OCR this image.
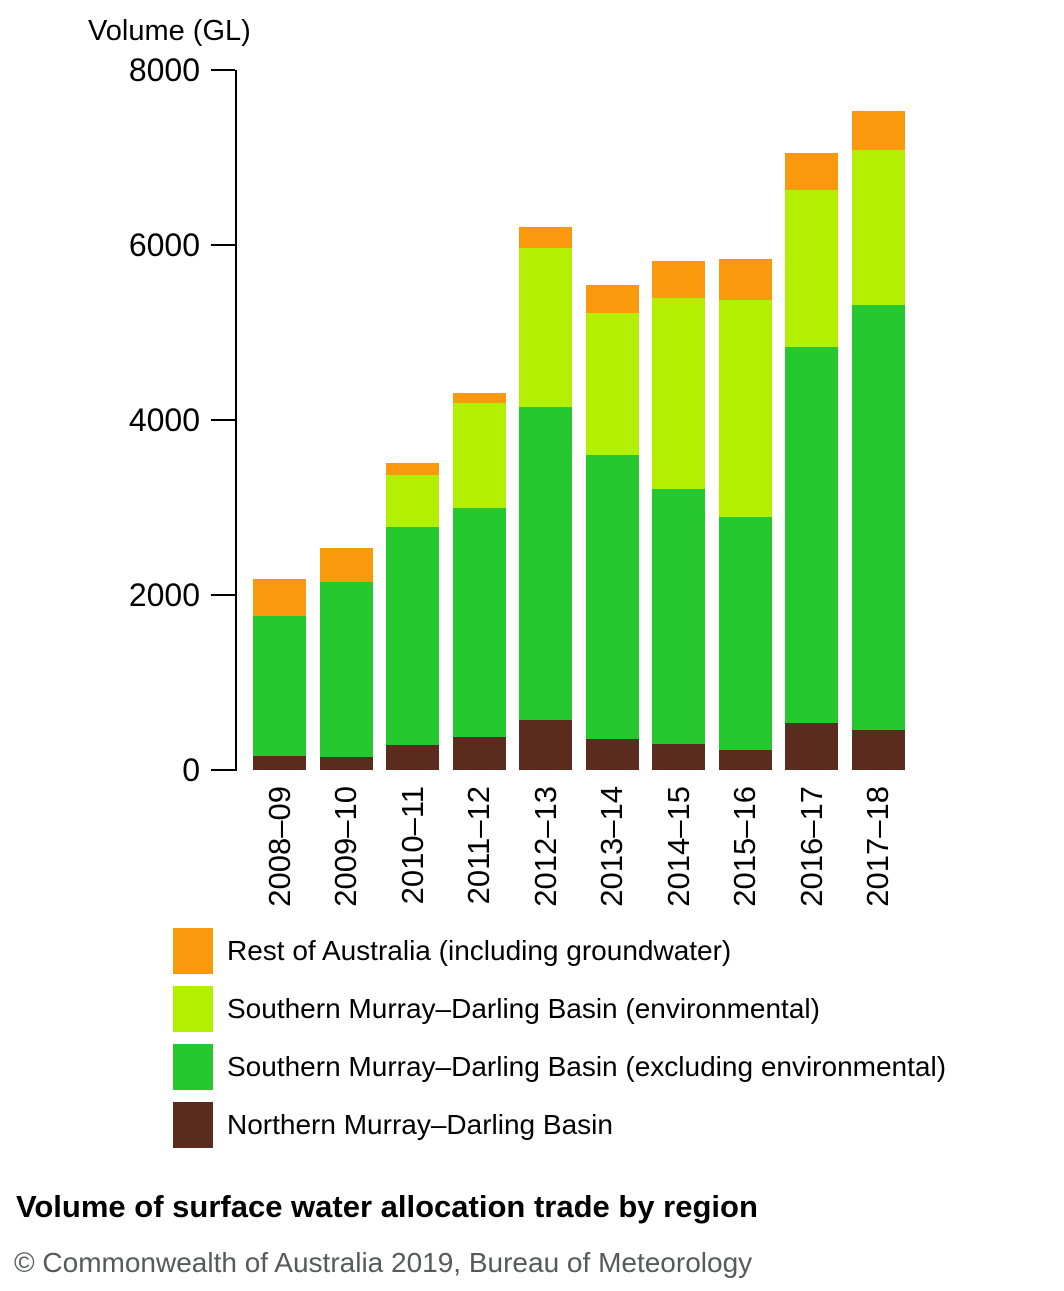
Volume (GL)
Rest of Australia (including groundwater)
Southern Murray–Darling Basin (environmental)
Southern Murray–Darling Basin (excluding environmental)
Northern Murray–Darling Basin
Volume of surface water allocation trade by region
© Commonwealth of Australia 2019, Bureau of Meteorology
0
2000
4000
6000
8000
2008–09 2009–10 2010–11 2011–12 2012–13 2013–14 2014–15 2015–16 2016–17 2017–18
